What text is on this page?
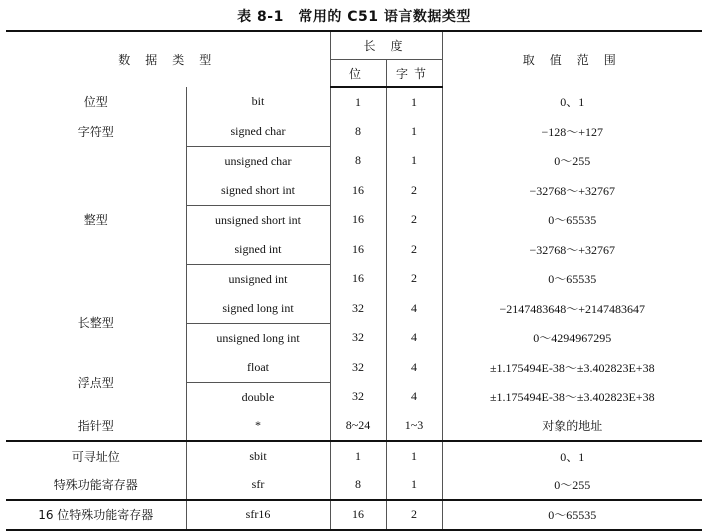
表 8-1　常用的 C51 语言数据类型
数 据 类 型		长 度		取 值 范 围
		位	字节	
位型	bit	1	1	0、1
字符型	signed char	8	1	−128～+127
	unsigned char	8	1	0～255
整型	signed short int	16	2	−32768～+32767
	unsigned short int	16	2	0～65535
	signed int	16	2	−32768～+32767
长整型	unsigned int	16	2	0～65535
	signed long int	32	4	−2147483648～+2147483647
	unsigned long int	32	4	0～4294967295
浮点型	float	32	4	±1.175494E-38～±3.402823E+38
	double	32	4	±1.175494E-38～±3.402823E+38
指针型	*	8~24	1~3	对象的地址
可寻址位	sbit	1	1	0、1
特殊功能寄存器	sfr	8	1	0～255
16 位特殊功能寄存器	sfr16	16	2	0～65535
